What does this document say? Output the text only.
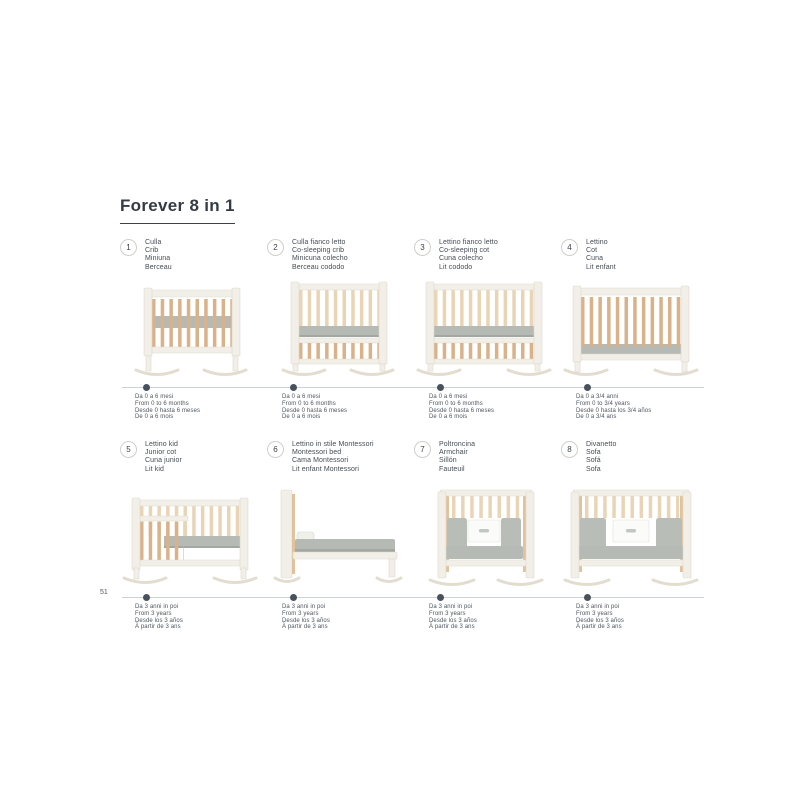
Forever 8 in 1
1
Culla
Crib
Miniuna
Berceau
2
Culla fianco letto
Co-sleeping crib
Minicuna colecho
Berceau cododo
3
Lettino fianco letto
Co-sleeping cot
Cuna colecho
Lit cododo
4
Lettino
Cot
Cuna
Lit enfant
Da 0 a 6 mesi
From 0 to 6 months
Desde 0 hasta 6 meses
De 0 a 6 mois
Da 0 a 6 mesi
From 0 to 6 months
Desde 0 hasta 6 meses
De 0 a 6 mois
Da 0 a 6 mesi
From 0 to 6 months
Desde 0 hasta 6 meses
De 0 a 6 mois
Da 0 a 3/4 anni
From 0 to 3/4 years
Desde 0 hasta los 3/4 años
De 0 a 3/4 ans
5
Lettino kid
Junior cot
Cuna junior
Lit kid
6
Lettino in stile Montessori
Montessori bed
Cama Montessori
Lit enfant Montessori
7
Poltroncina
Armchair
Sillón
Fauteuil
8
Divanetto
Sofa
Sofá
Sofa
Da 3 anni in poi
From 3 years
Desde los 3 años
À partir de 3 ans
Da 3 anni in poi
From 3 years
Desde los 3 años
À partir de 3 ans
Da 3 anni in poi
From 3 years
Desde los 3 años
À partir de 3 ans
Da 3 anni in poi
From 3 years
Desde los 3 años
À partir de 3 ans
51
